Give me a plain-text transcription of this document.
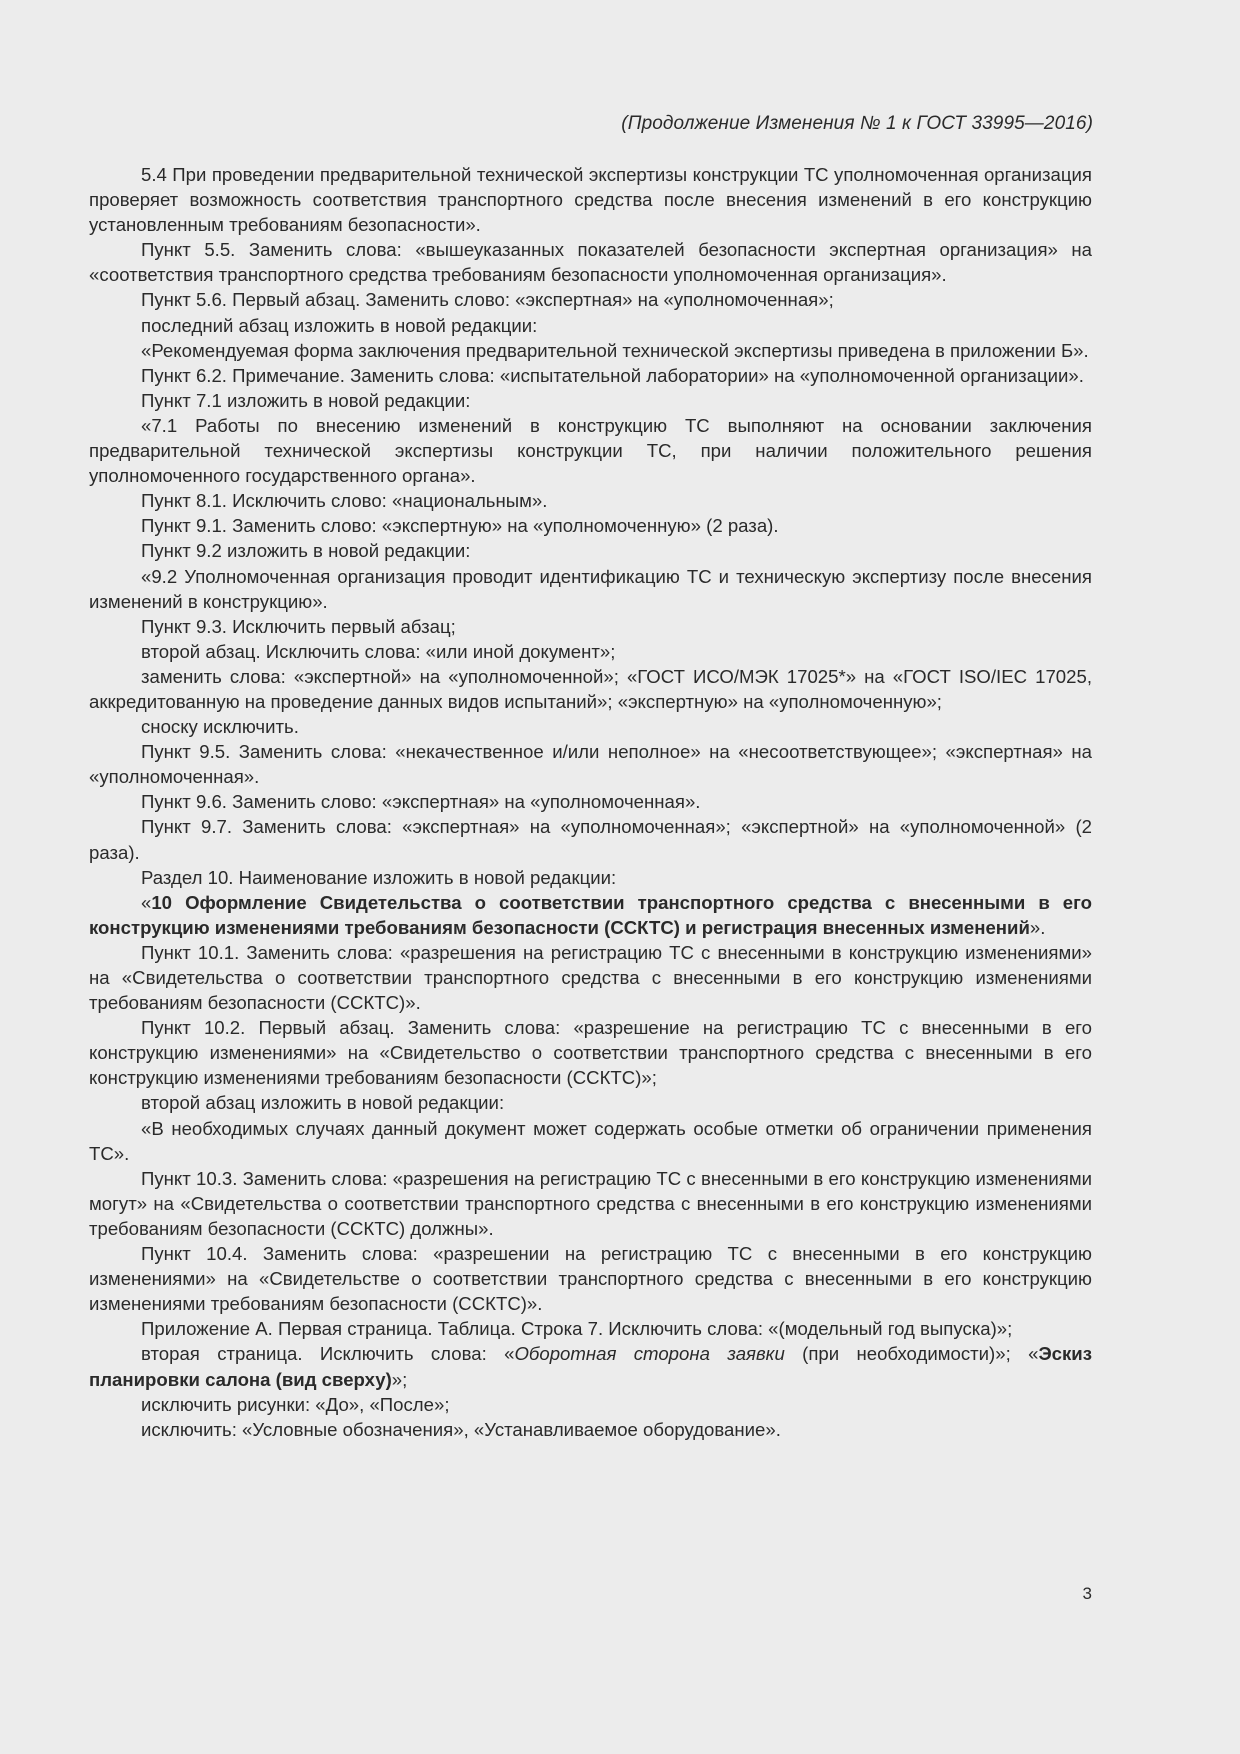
(Продолжение Изменения № 1 к ГОСТ 33995—2016)

5.4 При проведении предварительной технической экспертизы конструкции ТС уполномоченная организация проверяет возможность соответствия транспортного средства после внесения изменений в его конструкцию установленным требованиям безопасности».

Пункт 5.5. Заменить слова: «вышеуказанных показателей безопасности экспертная организация» на «соответствия транспортного средства требованиям безопасности уполномоченная организация».

Пункт 5.6. Первый абзац. Заменить слово: «экспертная» на «уполномоченная»;

последний абзац изложить в новой редакции:

«Рекомендуемая форма заключения предварительной технической экспертизы приведена в приложении Б».

Пункт 6.2. Примечание. Заменить слова: «испытательной лаборатории» на «уполномоченной организации».

Пункт 7.1 изложить в новой редакции:

«7.1 Работы по внесению изменений в конструкцию ТС выполняют на основании заключения предварительной технической экспертизы конструкции ТС, при наличии положительного решения уполномоченного государственного органа».

Пункт 8.1. Исключить слово: «национальным».

Пункт 9.1. Заменить слово: «экспертную» на «уполномоченную» (2 раза).

Пункт 9.2 изложить в новой редакции:

«9.2 Уполномоченная организация проводит идентификацию ТС и техническую экспертизу после внесения изменений в конструкцию».

Пункт 9.3. Исключить первый абзац;

второй абзац. Исключить слова: «или иной документ»;

заменить слова: «экспертной» на «уполномоченной»; «ГОСТ ИСО/МЭК 17025*» на «ГОСТ ISO/IEC 17025, аккредитованную на проведение данных видов испытаний»; «экспертную» на «уполномоченную»;

сноску исключить.

Пункт 9.5. Заменить слова: «некачественное и/или неполное» на «несоответствующее»; «экспертная» на «уполномоченная».

Пункт 9.6. Заменить слово: «экспертная» на «уполномоченная».

Пункт 9.7. Заменить слова: «экспертная» на «уполномоченная»; «экспертной» на «уполномоченной» (2 раза).

Раздел 10. Наименование изложить в новой редакции:

«10 Оформление Свидетельства о соответствии транспортного средства с внесенными в его конструкцию изменениями требованиям безопасности (ССКТС) и регистрация внесенных изменений».

Пункт 10.1. Заменить слова: «разрешения на регистрацию ТС с внесенными в конструкцию изменениями» на «Свидетельства о соответствии транспортного средства с внесенными в его конструкцию изменениями требованиям безопасности (ССКТС)».

Пункт 10.2. Первый абзац. Заменить слова: «разрешение на регистрацию ТС с внесенными в его конструкцию изменениями» на «Свидетельство о соответствии транспортного средства с внесенными в его конструкцию изменениями требованиям безопасности (ССКТС)»;

второй абзац изложить в новой редакции:

«В необходимых случаях данный документ может содержать особые отметки об ограничении применения ТС».

Пункт 10.3. Заменить слова: «разрешения на регистрацию ТС с внесенными в его конструкцию изменениями могут» на «Свидетельства о соответствии транспортного средства с внесенными в его конструкцию изменениями требованиям безопасности (ССКТС) должны».

Пункт 10.4. Заменить слова: «разрешении на регистрацию ТС с внесенными в его конструкцию изменениями» на «Свидетельстве о соответствии транспортного средства с внесенными в его конструкцию изменениями требованиям безопасности (ССКТС)».

Приложение А. Первая страница. Таблица. Строка 7. Исключить слова: «(модельный год выпуска)»;

вторая страница. Исключить слова: «Оборотная сторона заявки (при необходимости)»; «Эскиз планировки салона (вид сверху)»;

исключить рисунки: «До», «После»;

исключить: «Условные обозначения», «Устанавливаемое оборудование».

3
